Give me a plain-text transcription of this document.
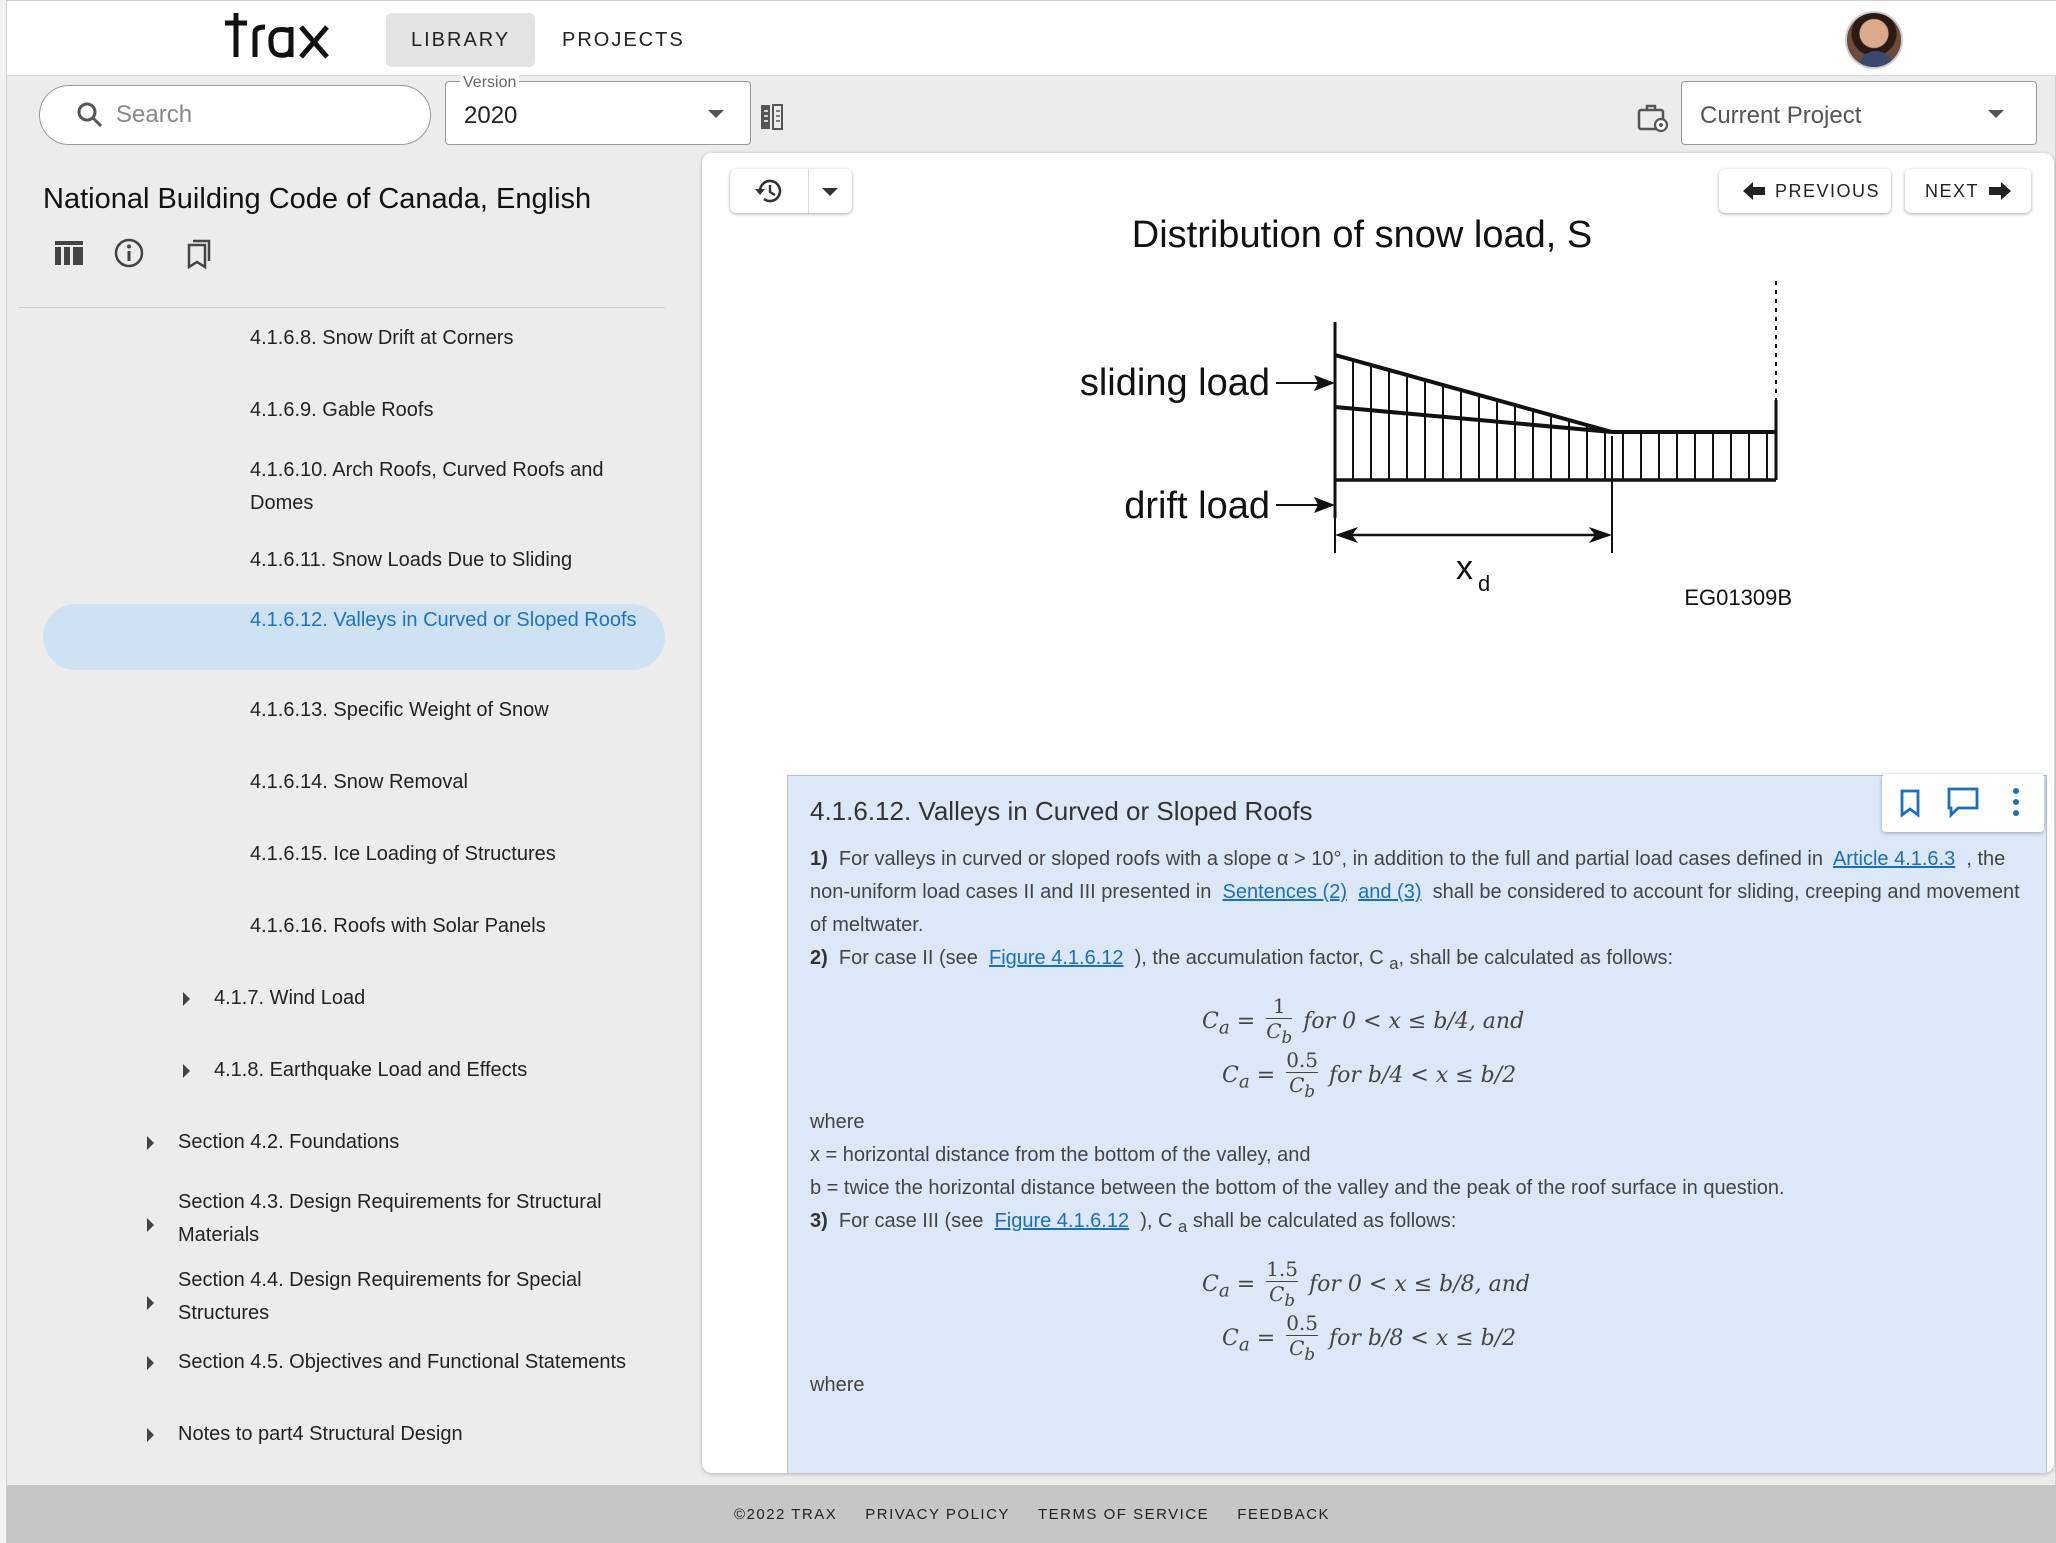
LIBRARY	PROJECTS
Search
Version
2020	Current Project
National Building Code of Canada, English
4.1.6.8. Snow Drift at Corners
4.1.6.9. Gable Roofs
4.1.6.10. Arch Roofs, Curved Roofs and Domes
4.1.6.11. Snow Loads Due to Sliding
4.1.6.12. Valleys in Curved or Sloped Roofs
4.1.6.13. Specific Weight of Snow
4.1.6.14. Snow Removal
4.1.6.15. Ice Loading of Structures
4.1.6.16. Roofs with Solar Panels
4.1.7. Wind Load
4.1.8. Earthquake Load and Effects
Section 4.2. Foundations
Section 4.3. Design Requirements for Structural Materials
Section 4.4. Design Requirements for Special Structures
Section 4.5. Objectives and Functional Statements
Notes to part4 Structural Design
PREVIOUS NEXT
Distribution of snow load, S
sliding load
drift load
x d
EG01309B
4.1.6.12. Valleys in Curved or Sloped Roofs
1) For valleys in curved or sloped roofs with a slope α > 10°, in addition to the full and partial load cases defined in Article 4.1.6.3 , the non-uniform load cases II and III presented in Sentences (2) and (3) shall be considered to account for sliding, creeping and movement of meltwater.
2) For case II (see Figure 4.1.6.12 ), the accumulation factor, C $_a$, shall be calculated as follows:
$C_a = \frac{1}{C_b}$ for 0 < x ≤ b/4, and
$C_a = \frac{0.5}{C_b}$ for b/4 < x ≤ b/2
where
x = horizontal distance from the bottom of the valley, and
b = twice the horizontal distance between the bottom of the valley and the peak of the roof surface in question.
3) For case III (see Figure 4.1.6.12 ), C $_a$ shall be calculated as follows:
$C_a = \frac{1.5}{C_b}$ for 0 < x ≤ b/8, and
$C_a = \frac{0.5}{C_b}$ for b/8 < x ≤ b/2
where
©2022 TRAX PRIVACY POLICY TERMS OF SERVICE FEEDBACK
